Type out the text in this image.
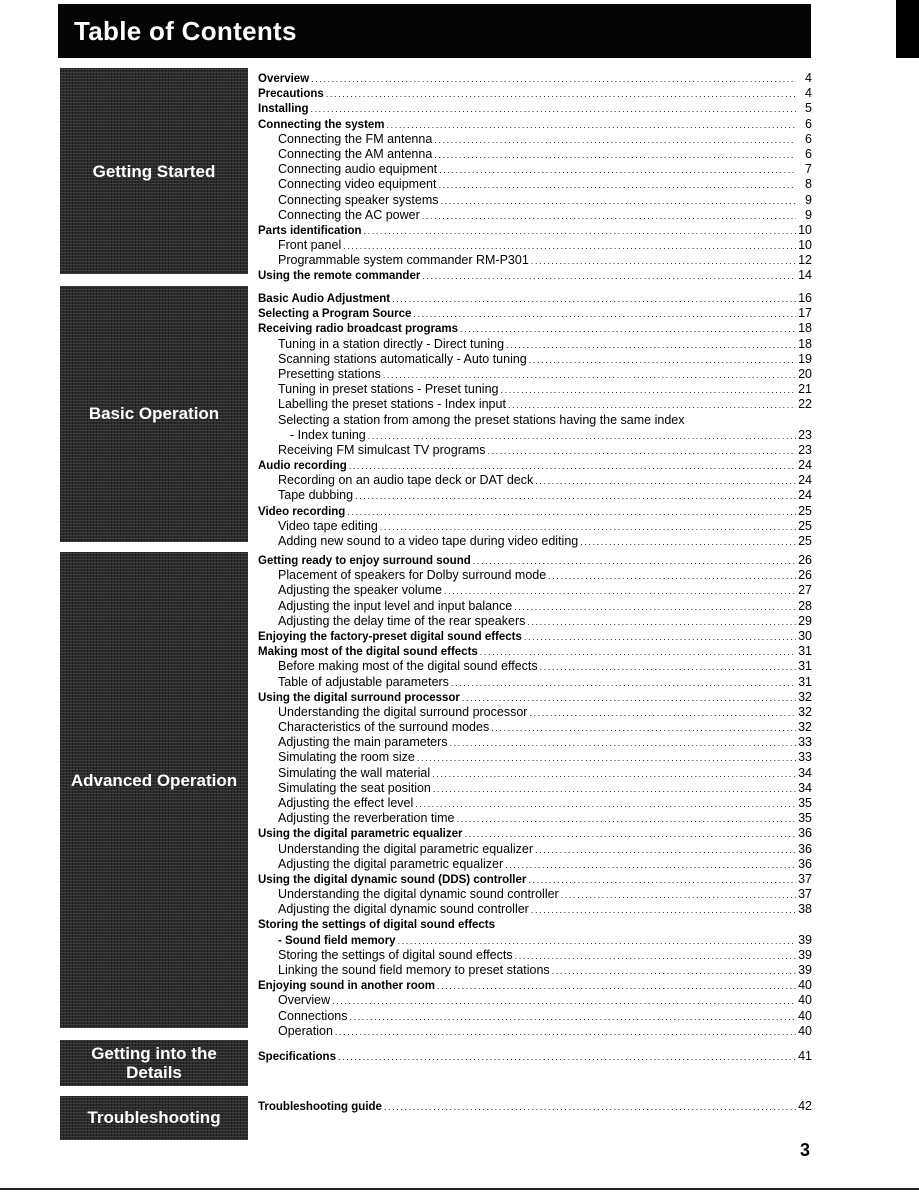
Table of Contents
Getting Started
Basic Operation
Advanced Operation
Getting into the
Details
Troubleshooting
Overview .....	4
Precautions .....	4
Installing .....	5
Connecting the system .....	6
Connecting the FM antenna .....	6
Connecting the AM antenna .....	6
Connecting audio equipment .....	7
Connecting video equipment .....	8
Connecting speaker systems .....	9
Connecting the AC power .....	9
Parts identification .....	10
Front panel .....	10
Programmable system commander RM-P301 .....	12
Using the remote commander .....	14
Basic Audio Adjustment .....	16
Selecting a Program Source .....	17
Receiving radio broadcast programs .....	18
Tuning in a station directly - Direct tuning .....	18
Scanning stations automatically - Auto tuning .....	19
Presetting stations .....	20
Tuning in preset stations - Preset tuning .....	21
Labelling the preset stations - Index input .....	22
Selecting a station from among the preset stations having the same index
- Index tuning .....	23
Receiving FM simulcast TV programs .....	23
Audio recording .....	24
Recording on an audio tape deck or DAT deck .....	24
Tape dubbing .....	24
Video recording .....	25
Video tape editing .....	25
Adding new sound to a video tape during video editing .....	25
Getting ready to enjoy surround sound .....	26
Placement of speakers for Dolby surround mode .....	26
Adjusting the speaker volume .....	27
Adjusting the input level and input balance .....	28
Adjusting the delay time of the rear speakers .....	29
Enjoying the factory-preset digital sound effects .....	30
Making most of the digital sound effects .....	31
Before making most of the digital sound effects .....	31
Table of adjustable parameters .....	31
Using the digital surround processor .....	32
Understanding the digital surround processor .....	32
Characteristics of the surround modes .....	32
Adjusting the main parameters .....	33
Simulating the room size .....	33
Simulating the wall material .....	34
Simulating the seat position .....	34
Adjusting the effect level .....	35
Adjusting the reverberation time .....	35
Using the digital parametric equalizer .....	36
Understanding the digital parametric equalizer .....	36
Adjusting the digital parametric equalizer .....	36
Using the digital dynamic sound (DDS) controller .....	37
Understanding the digital dynamic sound controller .....	37
Adjusting the digital dynamic sound controller .....	38
Storing the settings of digital sound effects
- Sound field memory .....	39
Storing the settings of digital sound effects .....	39
Linking the sound field memory to preset stations .....	39
Enjoying sound in another room .....	40
Overview .....	40
Connections .....	40
Operation .....	40
Specifications .....	41
Troubleshooting guide .....	42
3
